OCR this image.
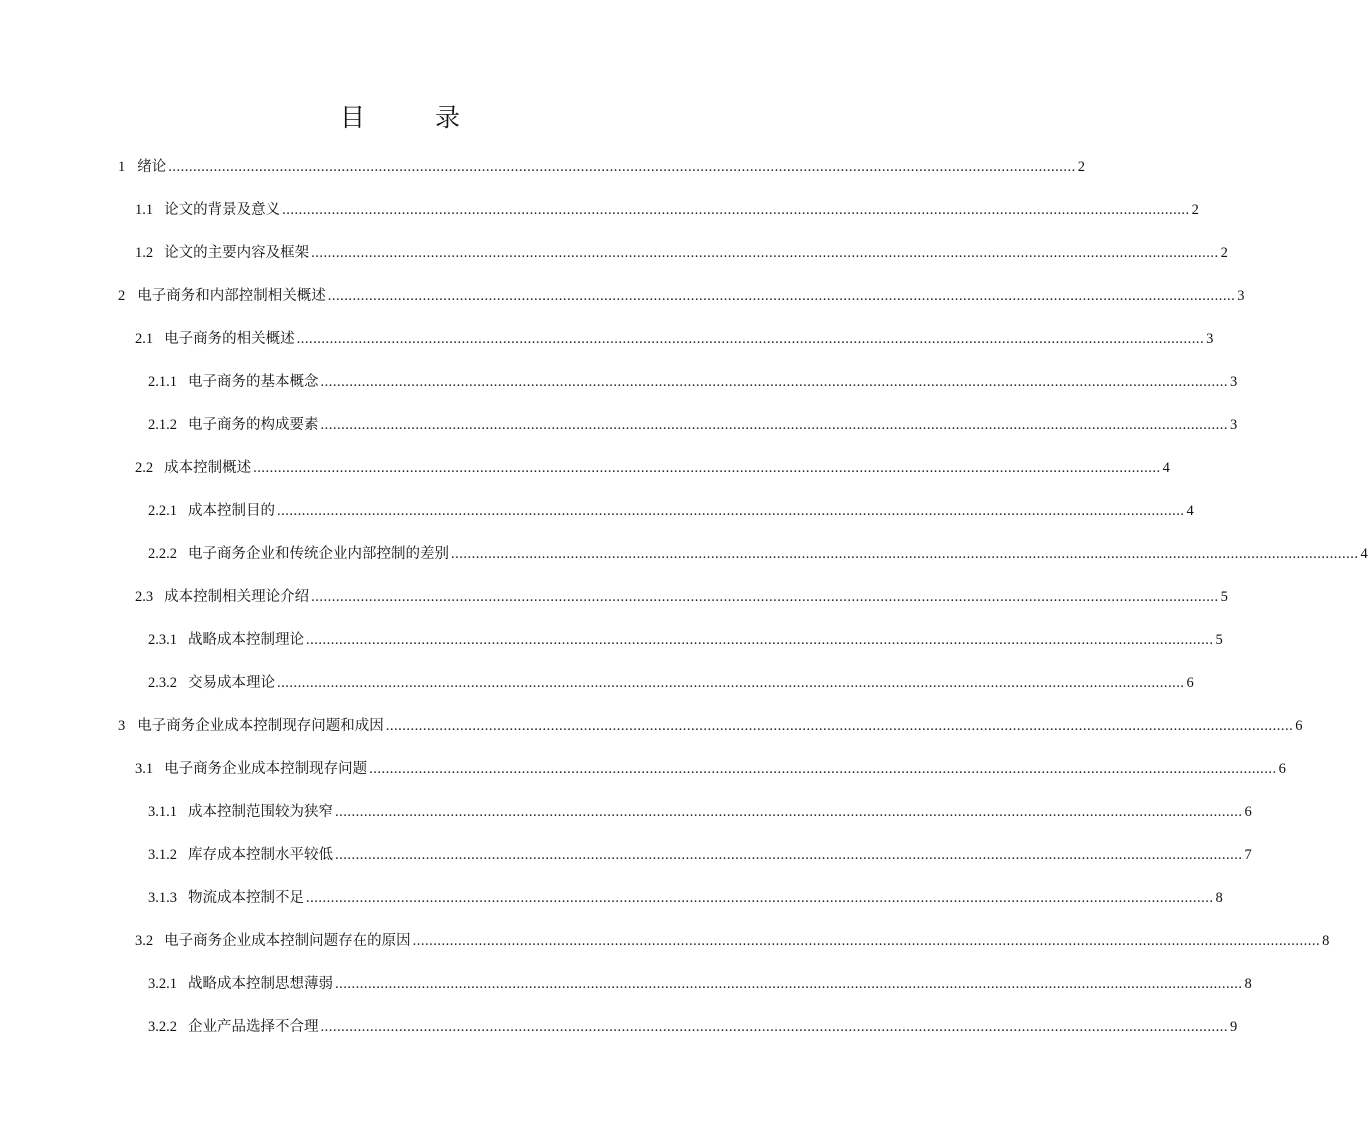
目　录
1 绪论 ............................................................................................................................................................................................................................ 2
1.1 论文的背景及意义 ............................................................................................................................................................................................................................ 2
1.2 论文的主要内容及框架 ............................................................................................................................................................................................................................ 2
2 电子商务和内部控制相关概述 ............................................................................................................................................................................................................................ 3
2.1 电子商务的相关概述 ............................................................................................................................................................................................................................ 3
2.1.1 电子商务的基本概念 ............................................................................................................................................................................................................................ 3
2.1.2 电子商务的构成要素 ............................................................................................................................................................................................................................ 3
2.2 成本控制概述 ............................................................................................................................................................................................................................ 4
2.2.1 成本控制目的 ............................................................................................................................................................................................................................ 4
2.2.2 电子商务企业和传统企业内部控制的差别 ............................................................................................................................................................................................................................ 4
2.3 成本控制相关理论介绍 ............................................................................................................................................................................................................................ 5
2.3.1 战略成本控制理论 ............................................................................................................................................................................................................................ 5
2.3.2 交易成本理论 ............................................................................................................................................................................................................................ 6
3 电子商务企业成本控制现存问题和成因 ............................................................................................................................................................................................................................ 6
3.1 电子商务企业成本控制现存问题 ............................................................................................................................................................................................................................ 6
3.1.1 成本控制范围较为狭窄 ............................................................................................................................................................................................................................ 6
3.1.2 库存成本控制水平较低 ............................................................................................................................................................................................................................ 7
3.1.3 物流成本控制不足 ............................................................................................................................................................................................................................ 8
3.2 电子商务企业成本控制问题存在的原因 ............................................................................................................................................................................................................................ 8
3.2.1 战略成本控制思想薄弱 ............................................................................................................................................................................................................................ 8
3.2.2 企业产品选择不合理 ............................................................................................................................................................................................................................ 9
